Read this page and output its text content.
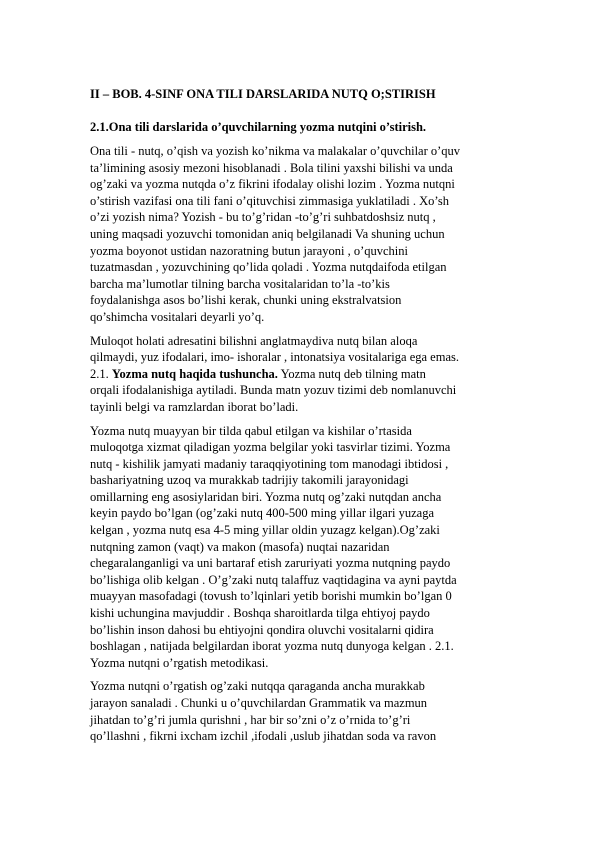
II – BOB. 4-SINF ONA TILI DARSLARIDA NUTQ O;STIRISH
2.1.Ona tili darslarida o’quvchilarning yozma nutqini o’stirish.
Ona tili - nutq, o’qish va yozish ko’nikma va malakalar o’quvchilar o’quv
ta’limining asosiy mezoni hisoblanadi . Bola tilini yaxshi bilishi va unda
og’zaki va yozma nutqda o’z fikrini ifodalay olishi lozim . Yozma nutqni
o’stirish vazifasi ona tili fani o’qituvchisi zimmasiga yuklatiladi . Xo’sh
o’zi yozish nima? Yozish - bu to’g’ridan -to’g’ri suhbatdoshsiz nutq ,
uning maqsadi yozuvchi tomonidan aniq belgilanadi Va shuning uchun
yozma boyonot ustidan nazoratning butun jarayoni , o’quvchini
tuzatmasdan , yozuvchining qo’lida qoladi . Yozma nutqdaifoda etilgan
barcha ma’lumotlar tilning barcha vositalaridan to’la -to’kis
foydalanishga asos bo’lishi kerak, chunki uning ekstralvatsion
qo’shimcha vositalari deyarli yo’q.
Muloqot holati adresatini bilishni anglatmaydiva nutq bilan aloqa
qilmaydi, yuz ifodalari, imo- ishoralar , intonatsiya vositalariga ega emas.
2.1. Yozma nutq haqida tushuncha. Yozma nutq deb tilning matn
orqali ifodalanishiga aytiladi. Bunda matn yozuv tizimi deb nomlanuvchi
tayinli belgi va ramzlardan iborat bo’ladi.
Yozma nutq muayyan bir tilda qabul etilgan va kishilar o’rtasida
muloqotga xizmat qiladigan yozma belgilar yoki tasvirlar tizimi. Yozma
nutq - kishilik jamyati madaniy taraqqiyotining tom manodagi ibtidosi ,
bashariyatning uzoq va murakkab tadrijiy takomili jarayonidagi
omillarning eng asosiylaridan biri. Yozma nutq og’zaki nutqdan ancha
keyin paydo bo’lgan (og’zaki nutq 400-500 ming yillar ilgari yuzaga
kelgan , yozma nutq esa 4-5 ming yillar oldin yuzagz kelgan).Og’zaki
nutqning zamon (vaqt) va makon (masofa) nuqtai nazaridan
chegaralanganligi va uni bartaraf etish zaruriyati yozma nutqning paydo
bo’lishiga olib kelgan . O’g’zaki nutq talaffuz vaqtidagina va ayni paytda
muayyan masofadagi (tovush to’lqinlari yetib borishi mumkin bo’lgan 0
kishi uchungina mavjuddir . Boshqa sharoitlarda tilga ehtiyoj paydo
bo’lishin inson dahosi bu ehtiyojni qondira oluvchi vositalarni qidira
boshlagan , natijada belgilardan iborat yozma nutq dunyoga kelgan . 2.1.
Yozma nutqni o’rgatish metodikasi.
Yozma nutqni o’rgatish og’zaki nutqqa qaraganda ancha murakkab
jarayon sanaladi . Chunki u o’quvchilardan Grammatik va mazmun
jihatdan to’g’ri jumla qurishni , har bir so’zni o’z o’rnida to’g’ri
qo’llashni , fikrni ixcham izchil ,ifodali ,uslub jihatdan soda va ravon
